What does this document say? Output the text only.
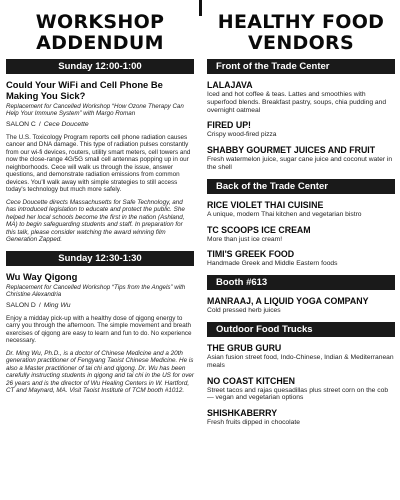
WORKSHOP
ADDENDUM
Sunday 12:00-1:00
Could Your WiFi and Cell Phone Be Making You Sick?
Replacement for Cancelled Workshop “How Ozone Therapy Can Help Your Immune System” with Margo Roman
SALON C / Cece Doucette
The U.S. Toxicology Program reports cell phone radiation causes cancer and DNA damage. This type of radiation pulses constantly from our wi-fi devices, routers, utility smart meters, cell towers and now the close-range 4G/5G small cell antennas popping up in our neighborhoods. Cece will walk us through the issue, answer questions, and demonstrate radiation emissions from common devices. You'll walk away with simple strategies to still access today's technology but much more safely.
Cece Doucette directs Massachusetts for Safe Technology, and has introduced legislation to educate and protect the public. She helped her local schools become the first in the nation (Ashland, MA) to begin safeguarding students and staff. In preparation for this talk, please consider watching the award winning film Generation Zapped.
Sunday 12:30-1:30
Wu Way Qigong
Replacement for Cancelled Workshop “Tips from the Angels” with Christine Alexandria
SALON D / Ming Wu
Enjoy a midday pick-up with a healthy dose of qigong energy to carry you through the afternoon. The simple movement and breath exercises of qigong are easy to learn and fun to do. No experience necessary.
Dr. Ming Wu, Ph.D., is a doctor of Chinese Medicine and a 20th generation practitioner of Fengyang Taoist Chinese Medicine. He is also a Master practitioner of tai chi and qigong. Dr. Wu has been carefully instructing students in qigong and tai chi in the US for over 26 years and is the director of Wu Healing Centers in W. Hartford, CT and Maynard, MA. Visit Taoist Institute of TCM booth #1012.
HEALTHY FOOD
VENDORS
Front of the Trade Center
LALAJAVA
Iced and hot coffee & teas. Lattes and smoothies with superfood blends. Breakfast pastry, soups, chia pudding and overnight oatmeal
FIRED UP!
Crispy wood-fired pizza
SHABBY GOURMET JUICES AND FRUIT
Fresh watermelon juice, sugar cane juice and coconut water in the shell
Back of the Trade Center
RICE VIOLET THAI CUISINE
A unique, modern Thai kitchen and vegetarian bistro
TC SCOOPS ICE CREAM
More than just ice cream!
TIMI'S GREEK FOOD
Handmade Greek and Middle Eastern foods
Booth #613
MANRAAJ, A LIQUID YOGA COMPANY
Cold pressed herb juices
Outdoor Food Trucks
THE GRUB GURU
Asian fusion street food, Indo-Chinese, Indian & Mediterranean meals
NO COAST KITCHEN
Street tacos and rajas quesadillas plus street corn on the cob — vegan and vegetarian options
SHISHKABERRY
Fresh fruits dipped in chocolate
